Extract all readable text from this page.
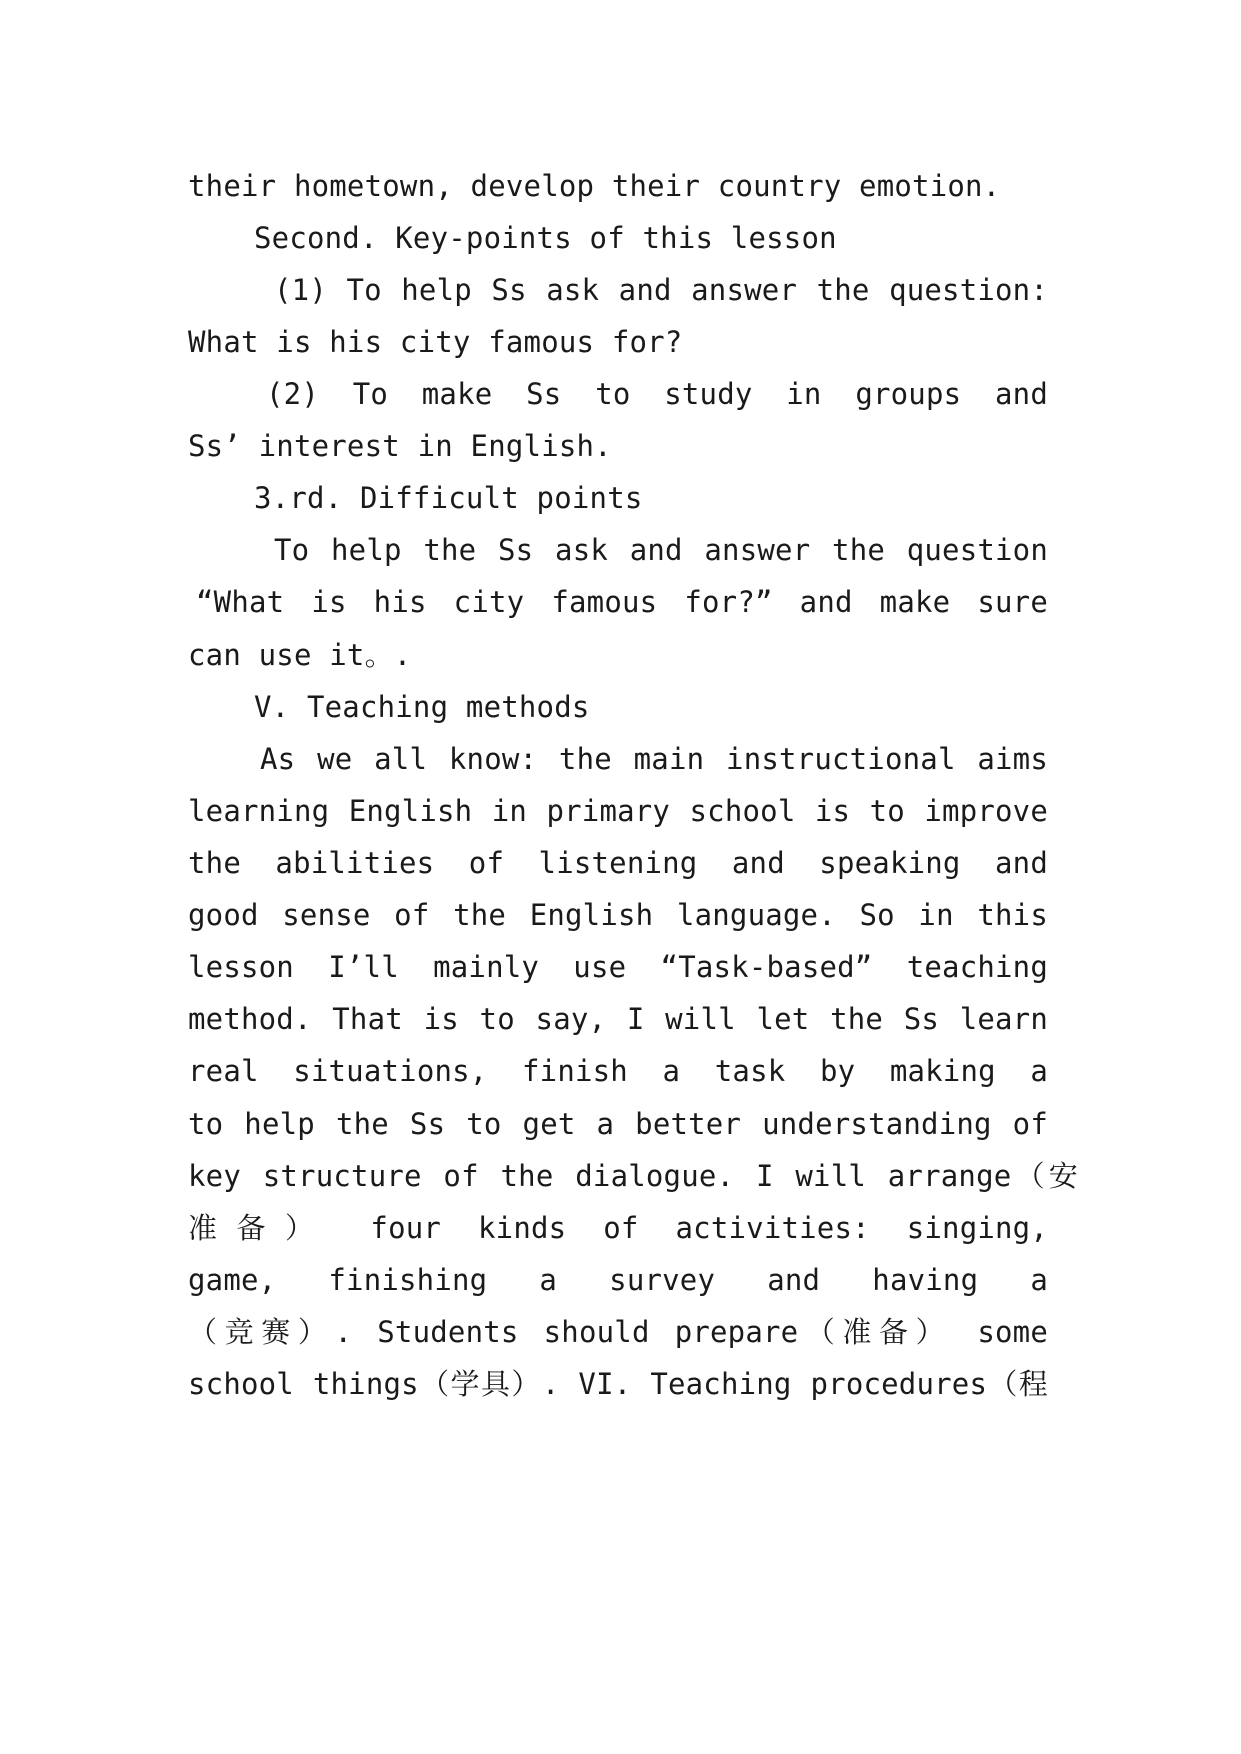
their hometown, develop their country emotion.
Second. Key-points of this lesson
(1) To help Ss ask and answer the question:
What is his city famous for?
(2) To make Ss to study in groups and
Ss’ interest in English.
3.rd. Difficult points
To help the Ss ask and answer the question
“What is his city famous for?” and make sure
can use it。.
V. Teaching methods
As we all know: the main instructional aims
learning English in primary school is to improve
the abilities of listening and speaking and
good sense of the English language. So in this
lesson I’ll mainly use “Task-based” teaching
method. That is to say, I will let the Ss learn
real situations, finish a task by making a
to help the Ss to get a better understanding of
key structure of the dialogue. I will arrange（安
准备） four kinds of activities: singing,
game, finishing a survey and having a
（竞赛）. Students should prepare（准备） some
school things（学具）. VI. Teaching procedures（程
